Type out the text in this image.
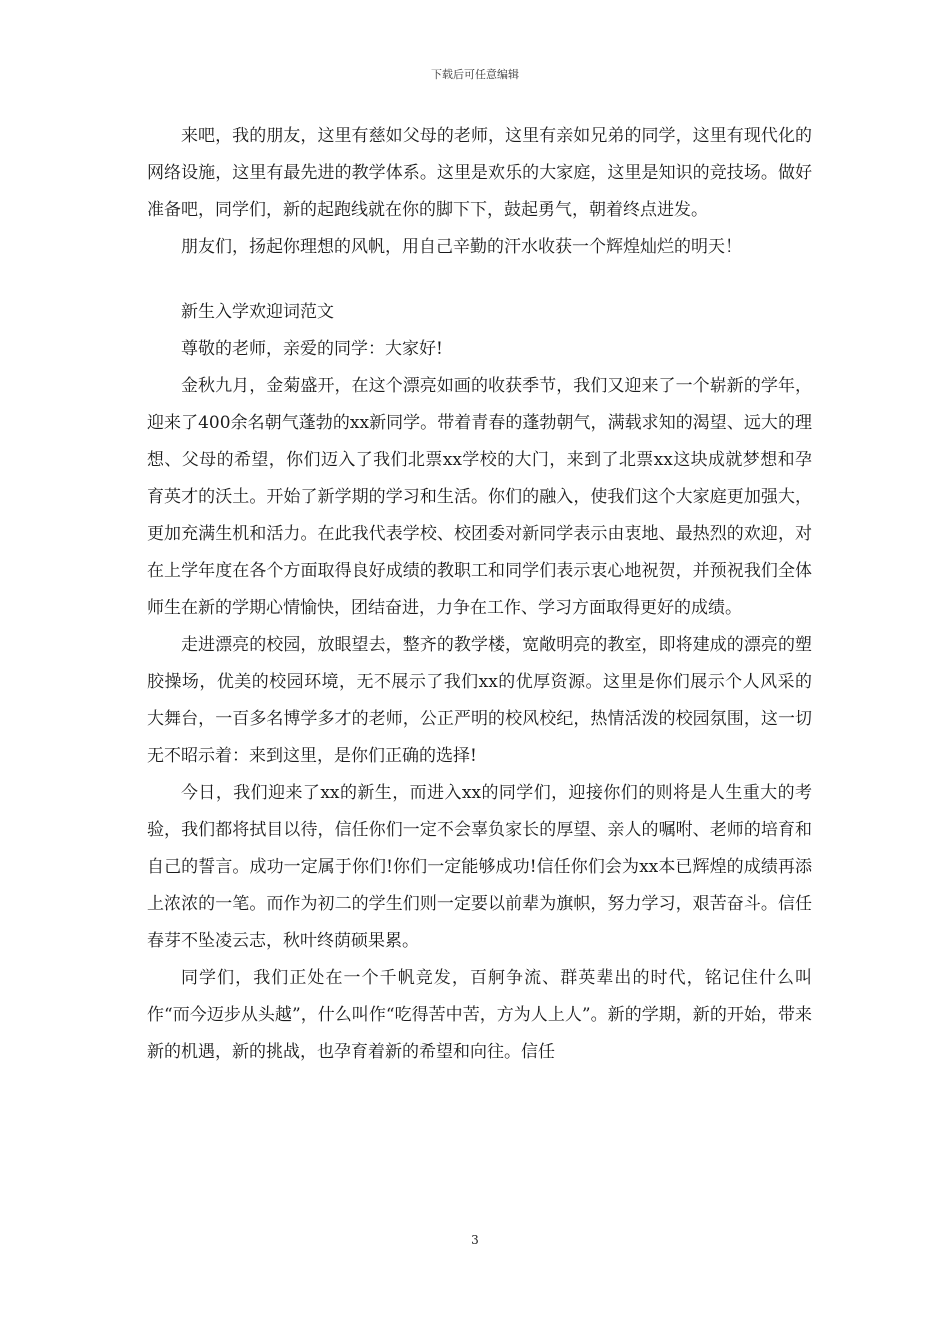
下载后可任意编辑

来吧，我的朋友，这里有慈如父母的老师，这里有亲如兄弟的同学，这里有现代化的网络设施，这里有最先进的教学体系。这里是欢乐的大家庭，这里是知识的竞技场。做好准备吧，同学们，新的起跑线就在你的脚下下，鼓起勇气，朝着终点进发。

朋友们，扬起你理想的风帆，用自己辛勤的汗水收获一个辉煌灿烂的明天！

新生入学欢迎词范文

尊敬的老师，亲爱的同学：大家好!

金秋九月，金菊盛开，在这个漂亮如画的收获季节，我们又迎来了一个崭新的学年，迎来了400余名朝气蓬勃的xx新同学。带着青春的蓬勃朝气，满载求知的渴望、远大的理想、父母的希望，你们迈入了我们北票xx学校的大门，来到了北票xx这块成就梦想和孕育英才的沃土。开始了新学期的学习和生活。你们的融入，使我们这个大家庭更加强大，更加充满生机和活力。在此我代表学校、校团委对新同学表示由衷地、最热烈的欢迎，对在上学年度在各个方面取得良好成绩的教职工和同学们表示衷心地祝贺，并预祝我们全体师生在新的学期心情愉快，团结奋进，力争在工作、学习方面取得更好的成绩。

走进漂亮的校园，放眼望去，整齐的教学楼，宽敞明亮的教室，即将建成的漂亮的塑胶操场，优美的校园环境，无不展示了我们xx的优厚资源。这里是你们展示个人风采的大舞台，一百多名博学多才的老师，公正严明的校风校纪，热情活泼的校园氛围，这一切无不昭示着：来到这里，是你们正确的选择!

今日，我们迎来了xx的新生，而进入xx的同学们，迎接你们的则将是人生重大的考验，我们都将拭目以待，信任你们一定不会辜负家长的厚望、亲人的嘱咐、老师的培育和自己的誓言。成功一定属于你们!你们一定能够成功!信任你们会为xx本已辉煌的成绩再添上浓浓的一笔。而作为初二的学生们则一定要以前辈为旗帜，努力学习，艰苦奋斗。信任春芽不坠凌云志，秋叶终荫硕果累。

同学们，我们正处在一个千帆竞发，百舸争流、群英辈出的时代，铭记住什么叫作“而今迈步从头越”，什么叫作“吃得苦中苦，方为人上人”。新的学期，新的开始，带来新的机遇，新的挑战，也孕育着新的希望和向往。信任

3
